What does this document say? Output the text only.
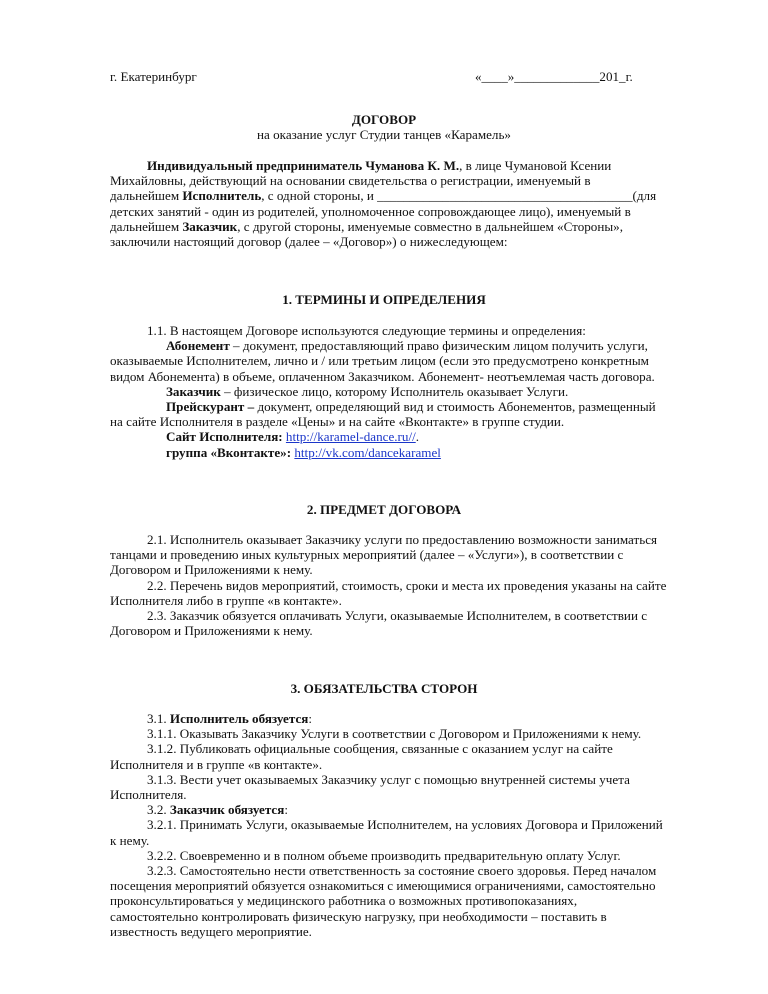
г. Екатеринбург	«____»_____________201_г.
ДОГОВОР
на оказание услуг Студии танцев «Карамель»
Индивидуальный предприниматель Чуманова К. М., в лице Чумановой Ксении
Михайловны, действующий на основании свидетельства о регистрации, именуемый в
дальнейшем Исполнитель, с одной стороны, и _______________________________________(для
детских занятий - один из родителей, уполномоченное сопровождающее лицо), именуемый в
дальнейшем Заказчик, с другой стороны, именуемые совместно в дальнейшем «Стороны»,
заключили настоящий договор (далее – «Договор») о нижеследующем:
1. ТЕРМИНЫ И ОПРЕДЕЛЕНИЯ
1.1. В настоящем Договоре используются следующие термины и определения:
Абонемент – документ, предоставляющий право физическим лицом получить услуги,
оказываемые Исполнителем, лично и / или третьим лицом (если это предусмотрено конкретным
видом Абонемента) в объеме, оплаченном Заказчиком. Абонемент- неотъемлемая часть договора.
Заказчик – физическое лицо, которому Исполнитель оказывает Услуги.
Прейскурант – документ, определяющий вид и стоимость Абонементов, размещенный
на сайте Исполнителя в разделе «Цены» и на сайте «Вконтакте» в группе студии.
Сайт Исполнителя: http://karamel-dance.ru//.
группа «Вконтакте»: http://vk.com/dancekaramel
2. ПРЕДМЕТ ДОГОВОРА
2.1. Исполнитель оказывает Заказчику услуги по предоставлению возможности заниматься
танцами и проведению иных культурных мероприятий (далее – «Услуги»), в соответствии с
Договором и Приложениями к нему.
2.2. Перечень видов мероприятий, стоимость, сроки и места их проведения указаны на сайте
Исполнителя либо в группе «в контакте».
2.3. Заказчик обязуется оплачивать Услуги, оказываемые Исполнителем, в соответствии с
Договором и Приложениями к нему.
3. ОБЯЗАТЕЛЬСТВА СТОРОН
3.1. Исполнитель обязуется:
3.1.1. Оказывать Заказчику Услуги в соответствии с Договором и Приложениями к нему.
3.1.2. Публиковать официальные сообщения, связанные с оказанием услуг на сайте
Исполнителя и в группе «в контакте».
3.1.3. Вести учет оказываемых Заказчику услуг с помощью внутренней системы учета
Исполнителя.
3.2. Заказчик обязуется:
3.2.1. Принимать Услуги, оказываемые Исполнителем, на условиях Договора и Приложений
к нему.
3.2.2. Своевременно и в полном объеме производить предварительную оплату Услуг.
3.2.3. Самостоятельно нести ответственность за состояние своего здоровья. Перед началом
посещения мероприятий обязуется ознакомиться с имеющимися ограничениями, самостоятельно
проконсультироваться у медицинского работника о возможных противопоказаниях,
самостоятельно контролировать физическую нагрузку, при необходимости – поставить в
известность ведущего мероприятие.
